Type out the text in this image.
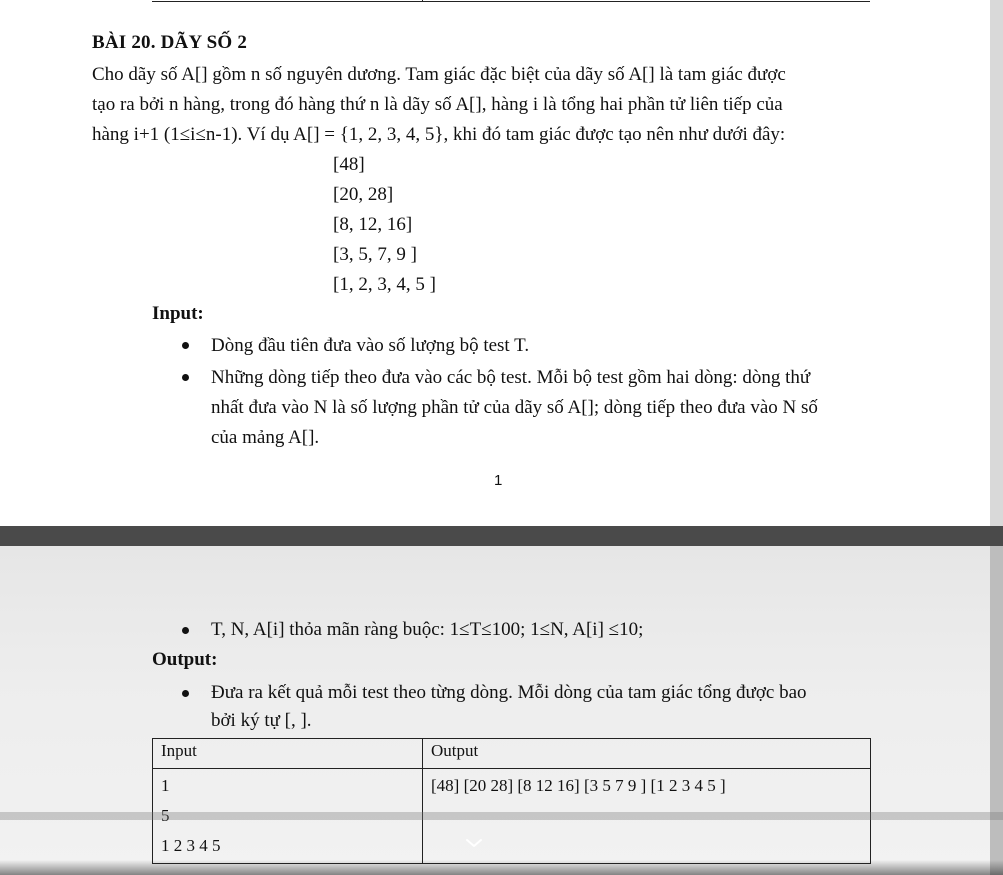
BÀI 20. DÃY SỐ 2
Cho dãy số A[] gồm n số nguyên dương. Tam giác đặc biệt của dãy số A[] là tam giác được
tạo ra bởi n hàng, trong đó hàng thứ n là dãy số A[], hàng i là tổng hai phần tử liên tiếp của
hàng i+1 (1≤i≤n-1). Ví dụ A[] = {1, 2, 3, 4, 5}, khi đó tam giác được tạo nên như dưới đây:
[48]
[20, 28]
[8, 12, 16]
[3, 5, 7, 9 ]
[1, 2, 3, 4, 5 ]
Input:
Dòng đầu tiên đưa vào số lượng bộ test T.
Những dòng tiếp theo đưa vào các bộ test. Mỗi bộ test gồm hai dòng: dòng thứ
nhất đưa vào N là số lượng phần tử của dãy số A[]; dòng tiếp theo đưa vào N số
của mảng A[].
1
T, N, A[i] thỏa mãn ràng buộc: 1≤T≤100; 1≤N, A[i] ≤10;
Output:
Đưa ra kết quả mỗi test theo từng dòng. Mỗi dòng của tam giác tổng được bao
bởi ký tự [, ].
Input	Output

1
5
1 2 3 4 5	[48] [20 28] [8 12 16] [3 5 7 9 ] [1 2 3 4 5 ]
